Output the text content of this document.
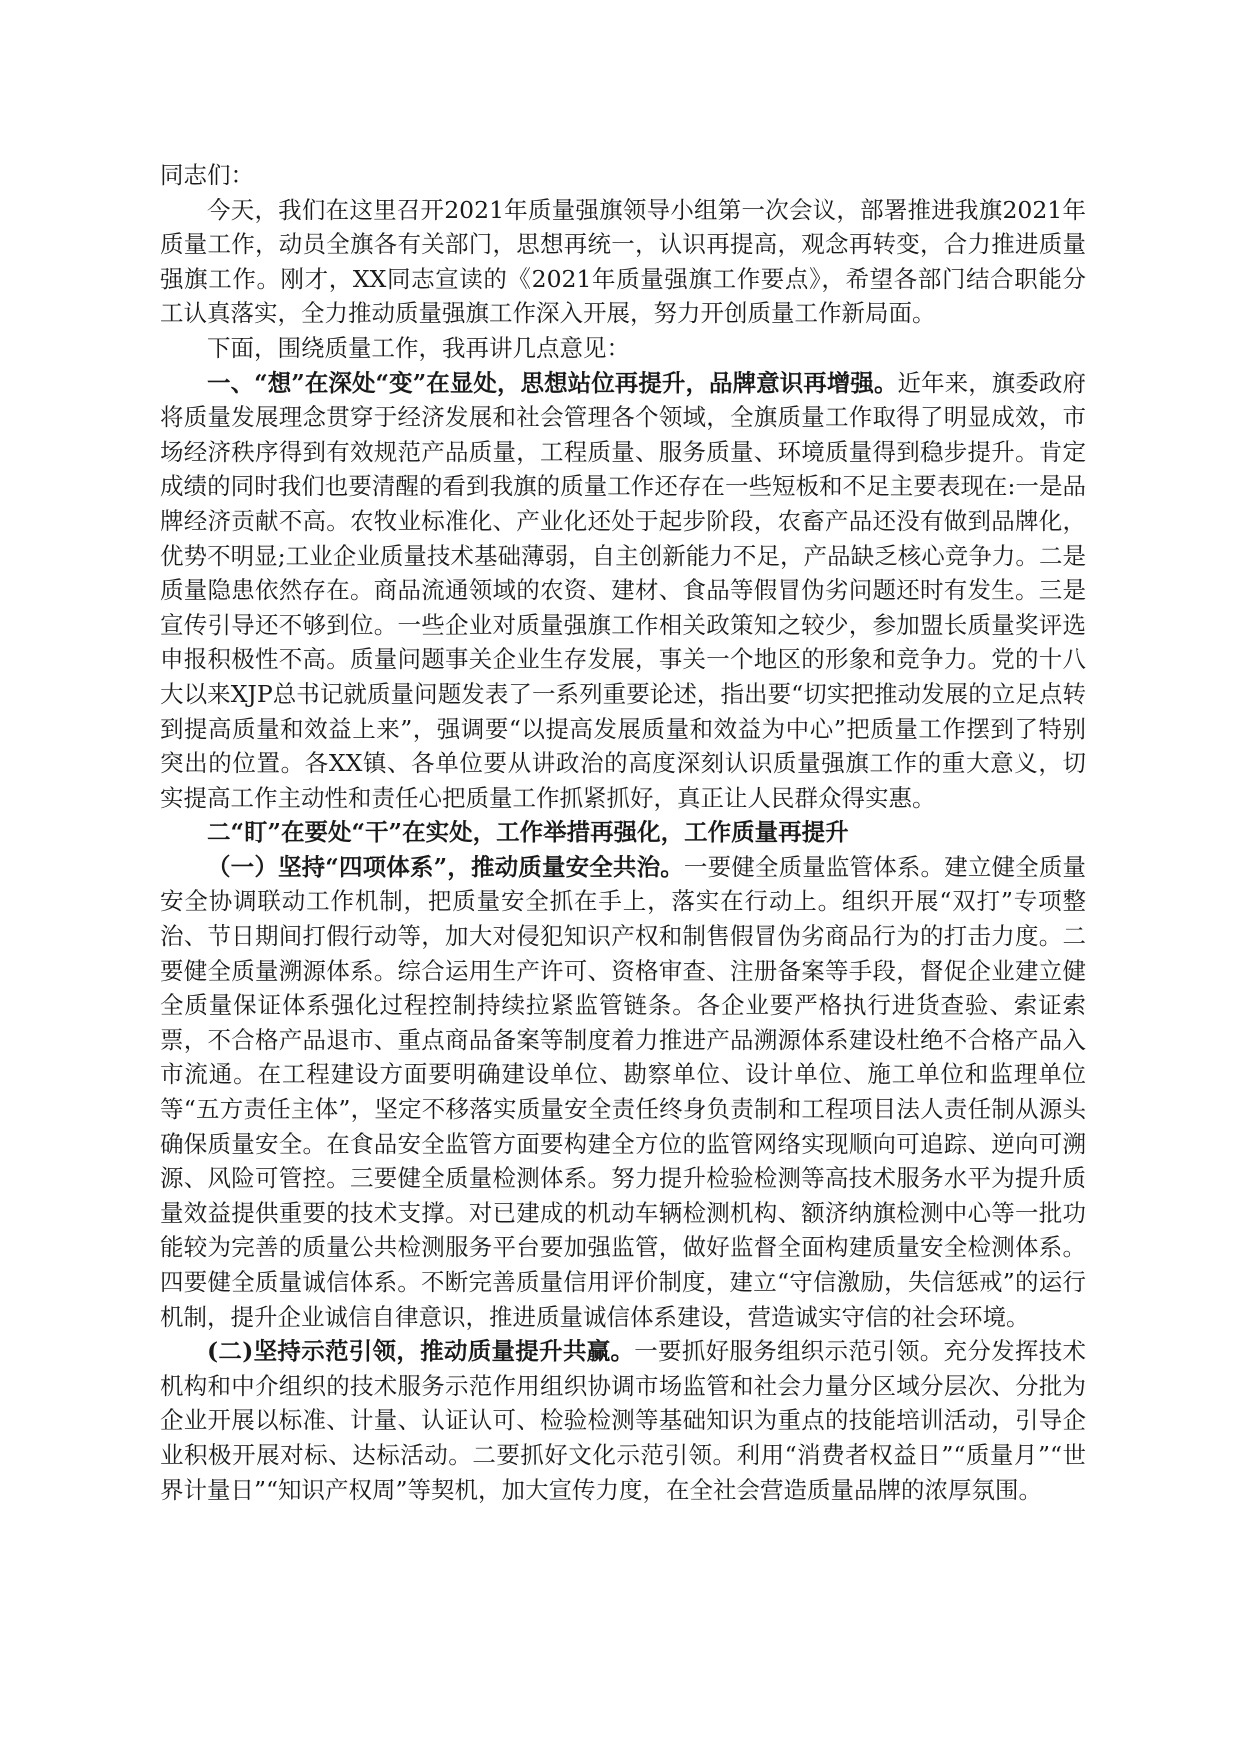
同志们：

今天，我们在这里召开2021年质量强旗领导小组第一次会议，部署推进我旗2021年质量工作，动员全旗各有关部门，思想再统一，认识再提高，观念再转变，合力推进质量强旗工作。刚才，XX同志宣读的《2021年质量强旗工作要点》，希望各部门结合职能分工认真落实，全力推动质量强旗工作深入开展，努力开创质量工作新局面。

下面，围绕质量工作，我再讲几点意见：

一、“想”在深处“变”在显处，思想站位再提升，品牌意识再增强。近年来，旗委政府将质量发展理念贯穿于经济发展和社会管理各个领域，全旗质量工作取得了明显成效，市场经济秩序得到有效规范产品质量，工程质量、服务质量、环境质量得到稳步提升。肯定成绩的同时我们也要清醒的看到我旗的质量工作还存在一些短板和不足主要表现在:一是品牌经济贡献不高。农牧业标准化、产业化还处于起步阶段，农畜产品还没有做到品牌化，优势不明显;工业企业质量技术基础薄弱，自主创新能力不足，产品缺乏核心竞争力。二是质量隐患依然存在。商品流通领域的农资、建材、食品等假冒伪劣问题还时有发生。三是宣传引导还不够到位。一些企业对质量强旗工作相关政策知之较少，参加盟长质量奖评选申报积极性不高。质量问题事关企业生存发展，事关一个地区的形象和竞争力。党的十八大以来XJP总书记就质量问题发表了一系列重要论述，指出要“切实把推动发展的立足点转到提高质量和效益上来”，强调要“以提高发展质量和效益为中心”把质量工作摆到了特别突出的位置。各XX镇、各单位要从讲政治的高度深刻认识质量强旗工作的重大意义，切实提高工作主动性和责任心把质量工作抓紧抓好，真正让人民群众得实惠。

二“盯”在要处“干”在实处，工作举措再强化，工作质量再提升

（一）坚持“四项体系”，推动质量安全共治。一要健全质量监管体系。建立健全质量安全协调联动工作机制，把质量安全抓在手上，落实在行动上。组织开展“双打”专项整治、节日期间打假行动等，加大对侵犯知识产权和制售假冒伪劣商品行为的打击力度。二要健全质量溯源体系。综合运用生产许可、资格审查、注册备案等手段，督促企业建立健全质量保证体系强化过程控制持续拉紧监管链条。各企业要严格执行进货查验、索证索票，不合格产品退市、重点商品备案等制度着力推进产品溯源体系建设杜绝不合格产品入市流通。在工程建设方面要明确建设单位、勘察单位、设计单位、施工单位和监理单位等“五方责任主体”，坚定不移落实质量安全责任终身负责制和工程项目法人责任制从源头确保质量安全。在食品安全监管方面要构建全方位的监管网络实现顺向可追踪、逆向可溯源、风险可管控。三要健全质量检测体系。努力提升检验检测等高技术服务水平为提升质量效益提供重要的技术支撑。对已建成的机动车辆检测机构、额济纳旗检测中心等一批功能较为完善的质量公共检测服务平台要加强监管，做好监督全面构建质量安全检测体系。四要健全质量诚信体系。不断完善质量信用评价制度，建立“守信激励，失信惩戒”的运行机制，提升企业诚信自律意识，推进质量诚信体系建设，营造诚实守信的社会环境。

(二)坚持示范引领，推动质量提升共赢。一要抓好服务组织示范引领。充分发挥技术机构和中介组织的技术服务示范作用组织协调市场监管和社会力量分区域分层次、分批为企业开展以标准、计量、认证认可、检验检测等基础知识为重点的技能培训活动，引导企业积极开展对标、达标活动。二要抓好文化示范引领。利用“消费者权益日”“质量月”“世界计量日”“知识产权周”等契机，加大宣传力度，在全社会营造质量品牌的浓厚氛围。
